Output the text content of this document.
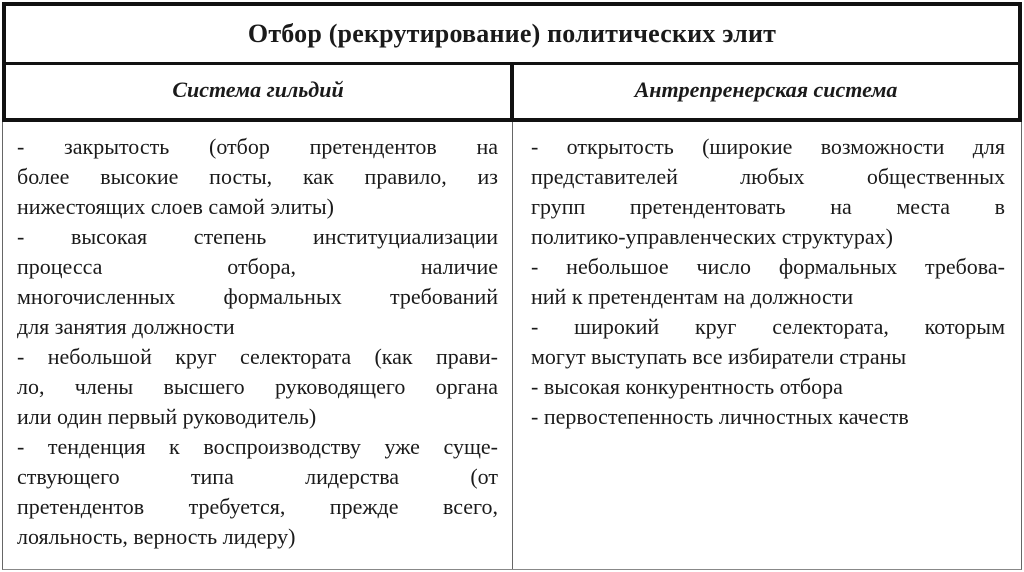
Отбор (рекрутирование) политических элит
Система гильдий	Антрепренерская система
- закрытость (отбор претендентов на
более высокие посты, как правило, из
нижестоящих слоев самой элиты)
- высокая степень институциализации
процесса отбора, наличие
многочисленных формальных требований
для занятия должности
- небольшой круг селектората (как прави-
ло, члены высшего руководящего органа
или один первый руководитель)
- тенденция к воспроизводству уже суще-
ствующего типа лидерства (от
претендентов требуется, прежде всего,
лояльность, верность лидеру)
- открытость (широкие возможности для
представителей любых общественных
групп претендентовать на места в
политико-управленческих структурах)
- небольшое число формальных требова-
ний к претендентам на должности
- широкий круг селектората, которым
могут выступать все избиратели страны
- высокая конкурентность отбора
- первостепенность личностных качеств
